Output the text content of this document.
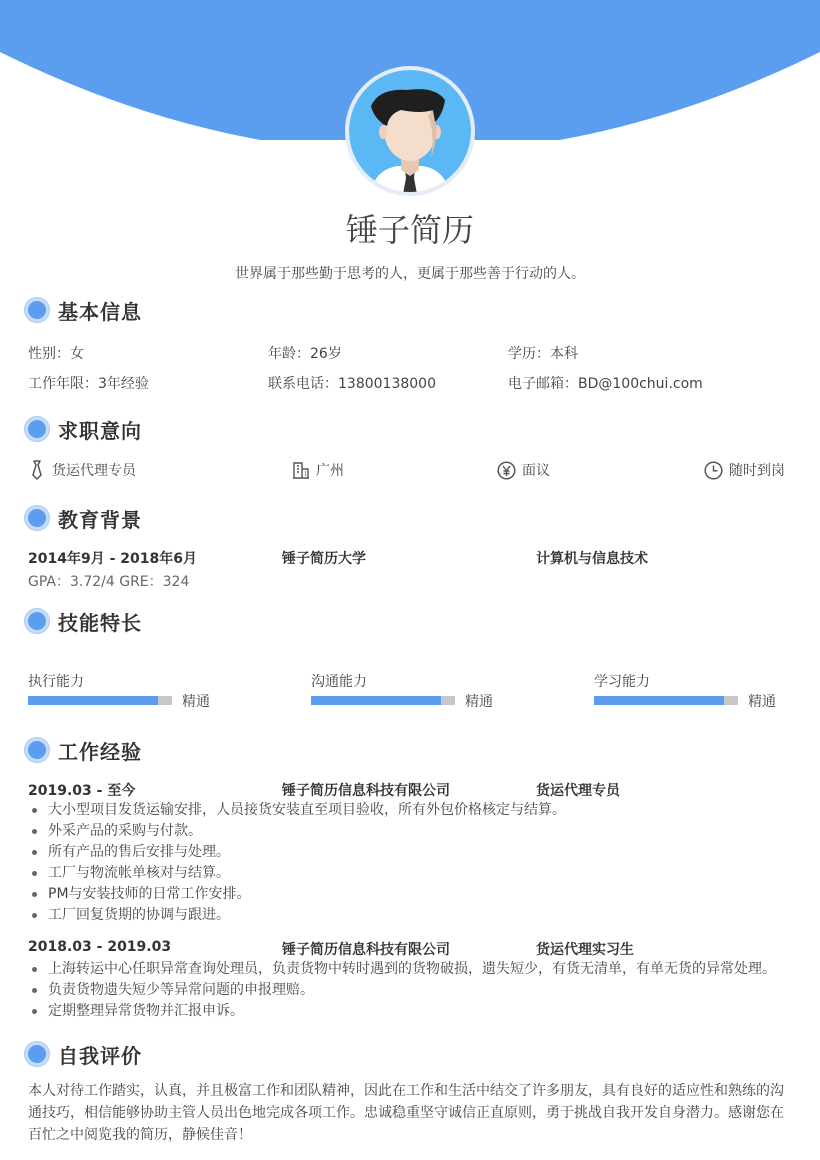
锤子简历
世界属于那些勤于思考的人，更属于那些善于行动的人。
基本信息
性别：女	年龄：26岁	学历：本科
工作年限：3年经验	联系电话：13800138000	电子邮箱：BD@100chui.com
求职意向
货运代理专员	广州	面议	随时到岗
教育背景
2014年9月 - 2018年6月	锤子简历大学	计算机与信息技术
GPA：3.72/4 GRE：324
技能特长
执行能力
精通
沟通能力
精通
学习能力
精通
工作经验
2019.03 - 至今	锤子简历信息科技有限公司	货运代理专员
大小型项目发货运输安排，人员接货安装直至项目验收，所有外包价格核定与结算。
外采产品的采购与付款。
所有产品的售后安排与处理。
工厂与物流帐单核对与结算。
PM与安装技师的日常工作安排。
工厂回复货期的协调与跟进。
2018.03 - 2019.03	锤子简历信息科技有限公司	货运代理实习生
上海转运中心任职异常查询处理员，负责货物中转时遇到的货物破损，遗失短少，有货无清单，有单无货的异常处理。
负责货物遗失短少等异常问题的申报理赔。
定期整理异常货物并汇报申诉。
自我评价
本人对待工作踏实，认真，并且极富工作和团队精神，因此在工作和生活中结交了许多朋友，具有良好的适应性和熟练的沟通技巧，相信能够协助主管人员出色地完成各项工作。忠诚稳重坚守诚信正直原则，勇于挑战自我开发自身潜力。感谢您在百忙之中阅览我的简历，静候佳音！
